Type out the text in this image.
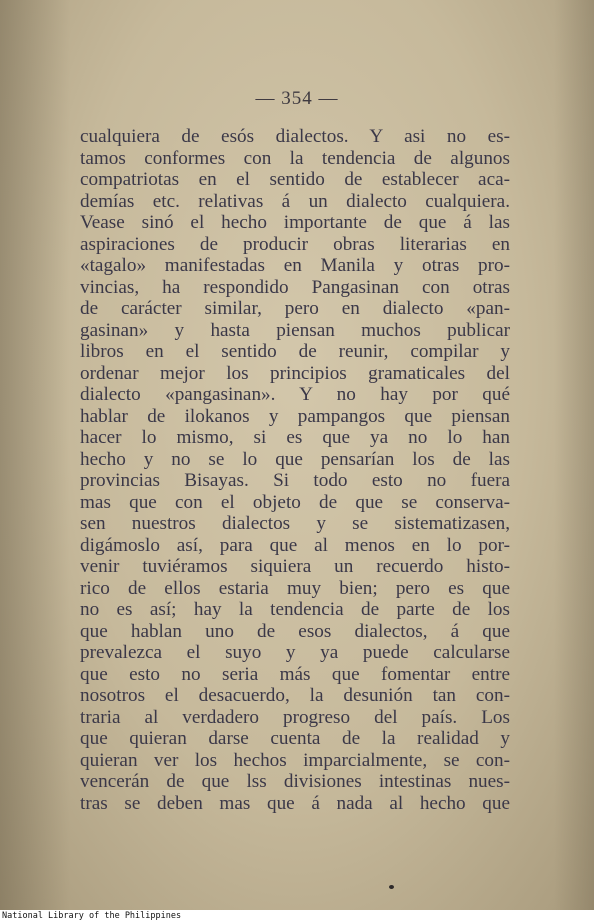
— 354 —
cualquiera de esós dialectos. Y asi no es-
tamos conformes con la tendencia de algunos
compatriotas en el sentido de establecer aca-
demías etc. relativas á un dialecto cualquiera.
Vease sinó el hecho importante de que á las
aspiraciones de producir obras literarias en
«tagalo» manifestadas en Manila y otras pro-
vincias, ha respondido Pangasinan con otras
de carácter similar, pero en dialecto «pan-
gasinan» y hasta piensan muchos publicar
libros en el sentido de reunir, compilar y
ordenar mejor los principios gramaticales del
dialecto «pangasinan». Y no hay por qué
hablar de ilokanos y pampangos que piensan
hacer lo mismo, si es que ya no lo han
hecho y no se lo que pensarían los de las
provincias Bisayas. Si todo esto no fuera
mas que con el objeto de que se conserva-
sen nuestros dialectos y se sistematizasen,
digámoslo así, para que al menos en lo por-
venir tuviéramos siquiera un recuerdo histo-
rico de ellos estaria muy bien; pero es que
no es así; hay la tendencia de parte de los
que hablan uno de esos dialectos, á que
prevalezca el suyo y ya puede calcularse
que esto no seria más que fomentar entre
nosotros el desacuerdo, la desunión tan con-
traria al verdadero progreso del país. Los
que quieran darse cuenta de la realidad y
quieran ver los hechos imparcialmente, se con-
vencerán de que lss divisiones intestinas nues-
tras se deben mas que á nada al hecho que
National Library of the Philippines
